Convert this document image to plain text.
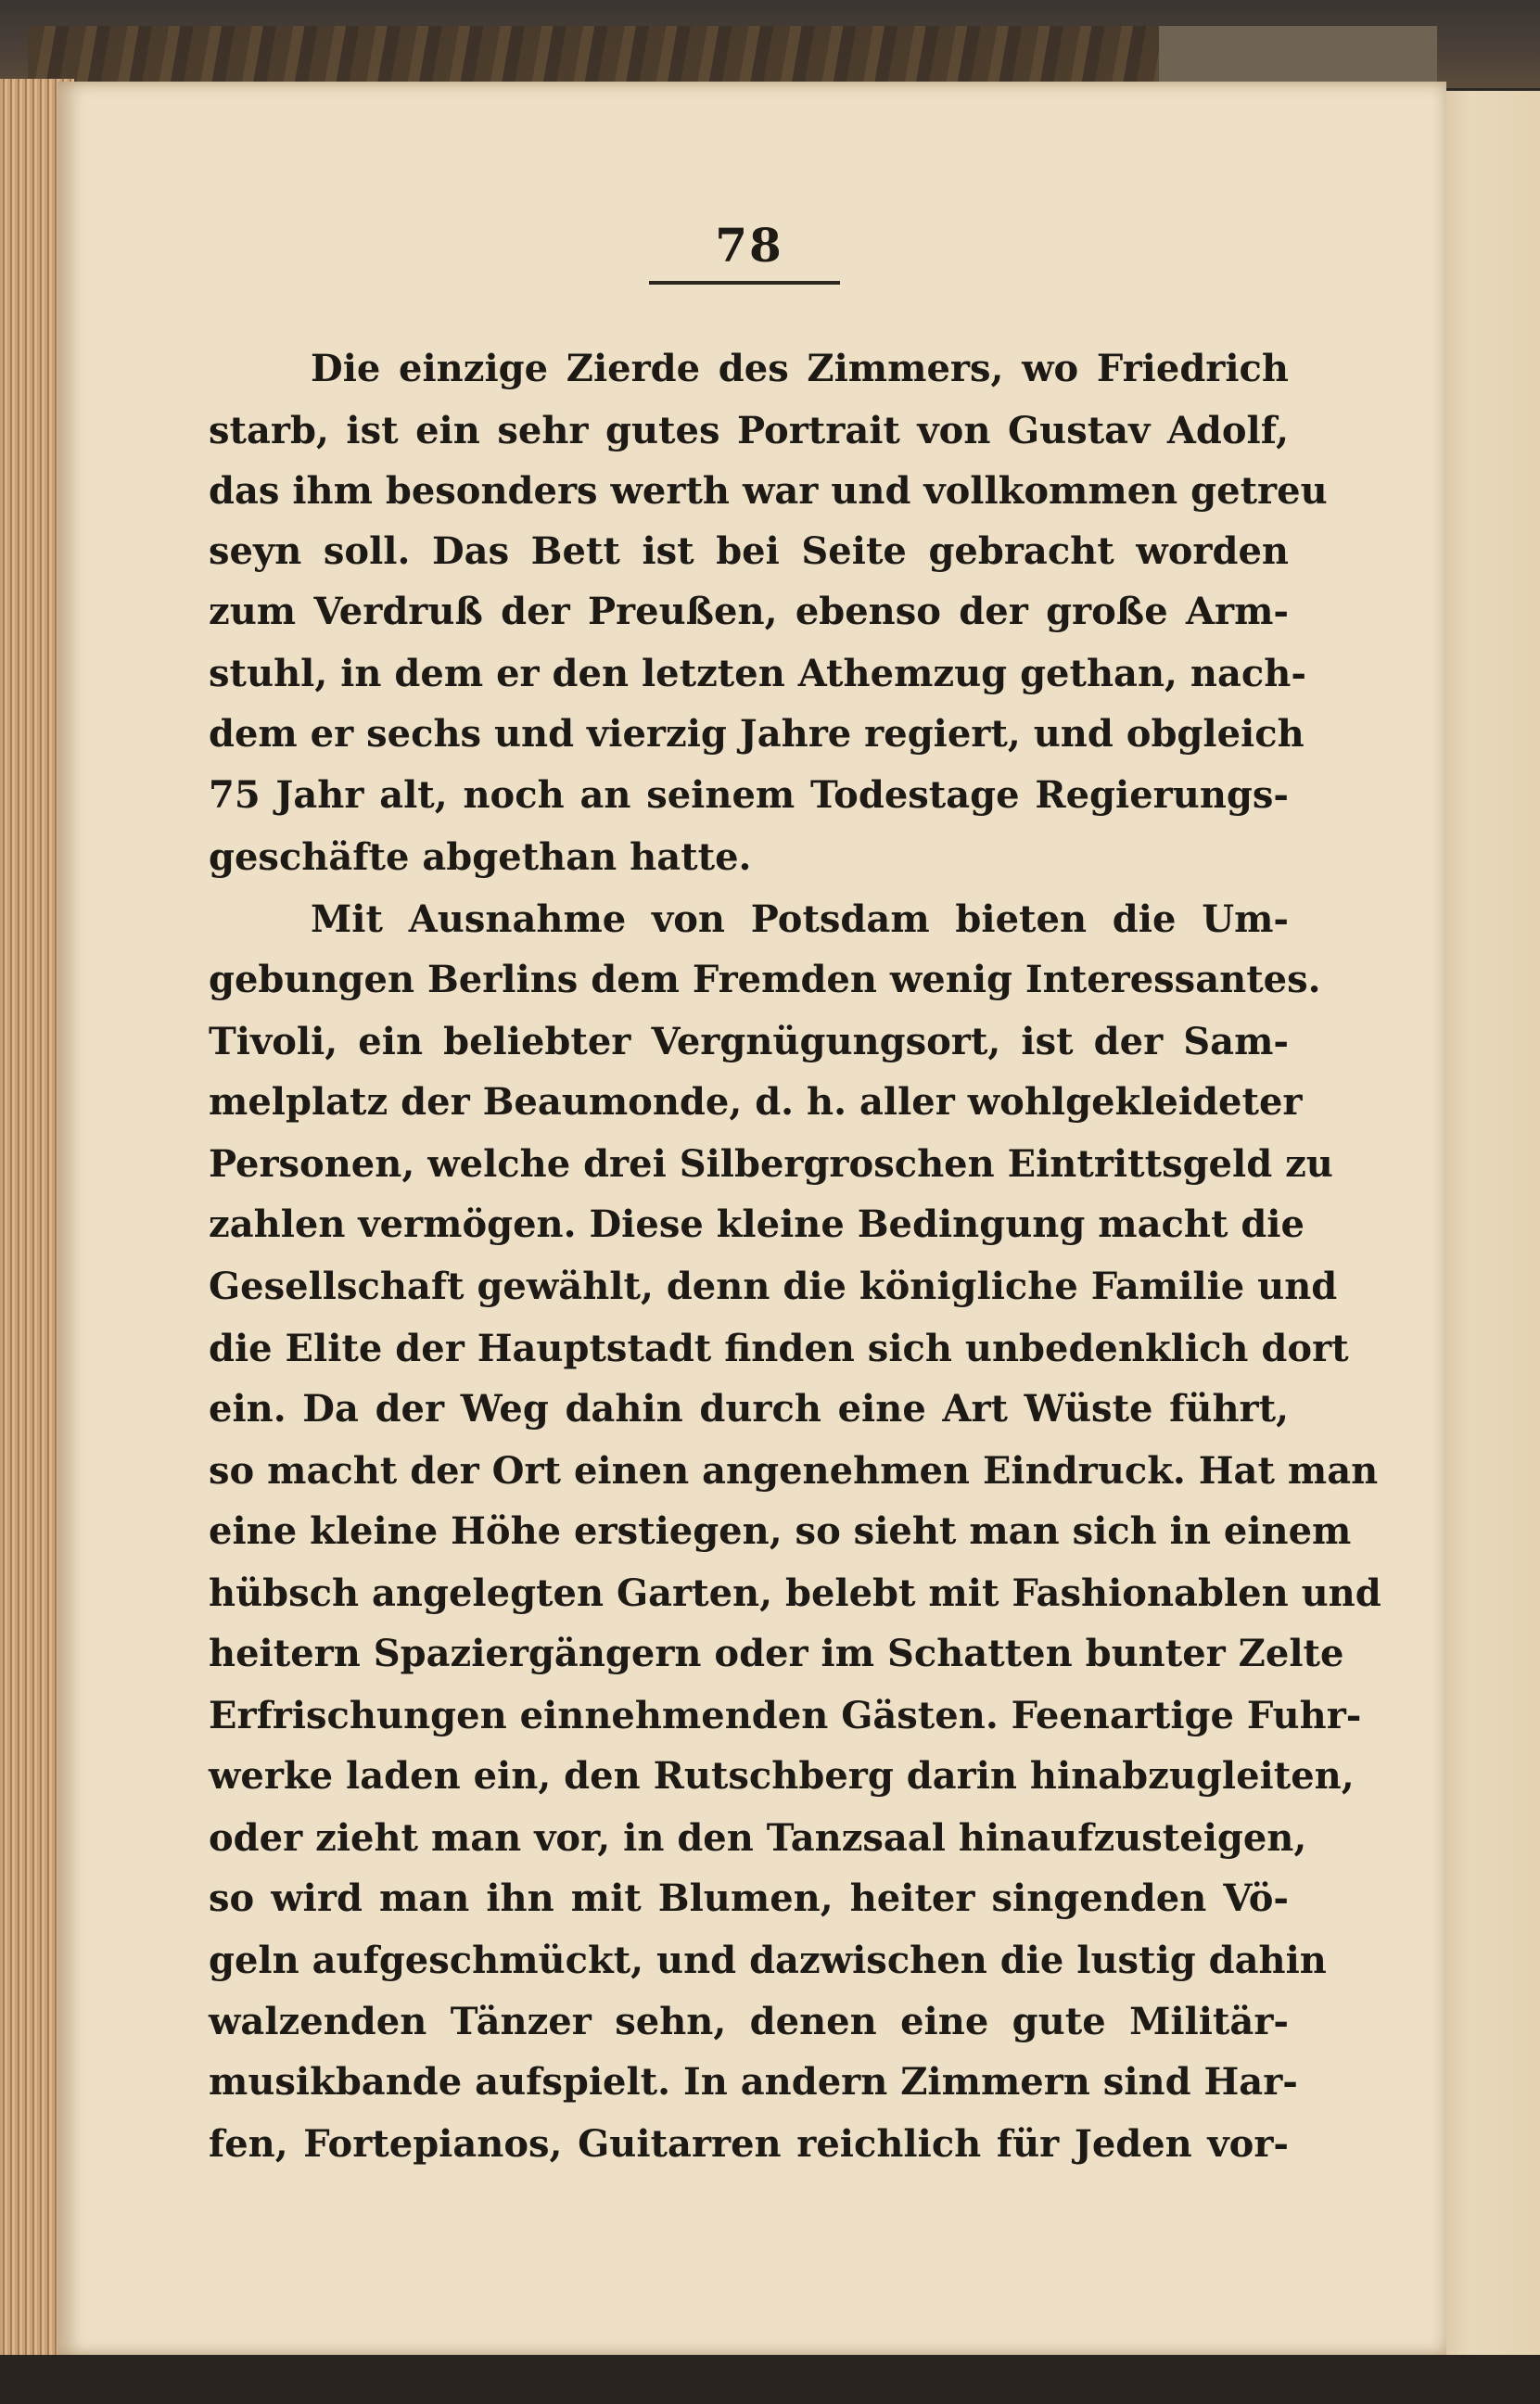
78
Die einzige Zierde des Zimmers, wo Friedrich
starb, ist ein sehr gutes Portrait von Gustav Adolf,
das ihm besonders werth war und vollkommen getreu
seyn soll. Das Bett ist bei Seite gebracht worden
zum Verdruß der Preußen, ebenso der große Arm-
stuhl, in dem er den letzten Athemzug gethan, nach-
dem er sechs und vierzig Jahre regiert, und obgleich
75 Jahr alt, noch an seinem Todestage Regierungs-
geschäfte abgethan hatte.
Mit Ausnahme von Potsdam bieten die Um-
gebungen Berlins dem Fremden wenig Interessantes.
Tivoli, ein beliebter Vergnügungsort, ist der Sam-
melplatz der Beaumonde, d. h. aller wohlgekleideter
Personen, welche drei Silbergroschen Eintrittsgeld zu
zahlen vermögen. Diese kleine Bedingung macht die
Gesellschaft gewählt, denn die königliche Familie und
die Elite der Hauptstadt finden sich unbedenklich dort
ein. Da der Weg dahin durch eine Art Wüste führt,
so macht der Ort einen angenehmen Eindruck. Hat man
eine kleine Höhe erstiegen, so sieht man sich in einem
hübsch angelegten Garten, belebt mit Fashionablen und
heitern Spaziergängern oder im Schatten bunter Zelte
Erfrischungen einnehmenden Gästen. Feenartige Fuhr-
werke laden ein, den Rutschberg darin hinabzugleiten,
oder zieht man vor, in den Tanzsaal hinaufzusteigen,
so wird man ihn mit Blumen, heiter singenden Vö-
geln aufgeschmückt, und dazwischen die lustig dahin
walzenden Tänzer sehn, denen eine gute Militär-
musikbande aufspielt. In andern Zimmern sind Har-
fen, Fortepianos, Guitarren reichlich für Jeden vor-
